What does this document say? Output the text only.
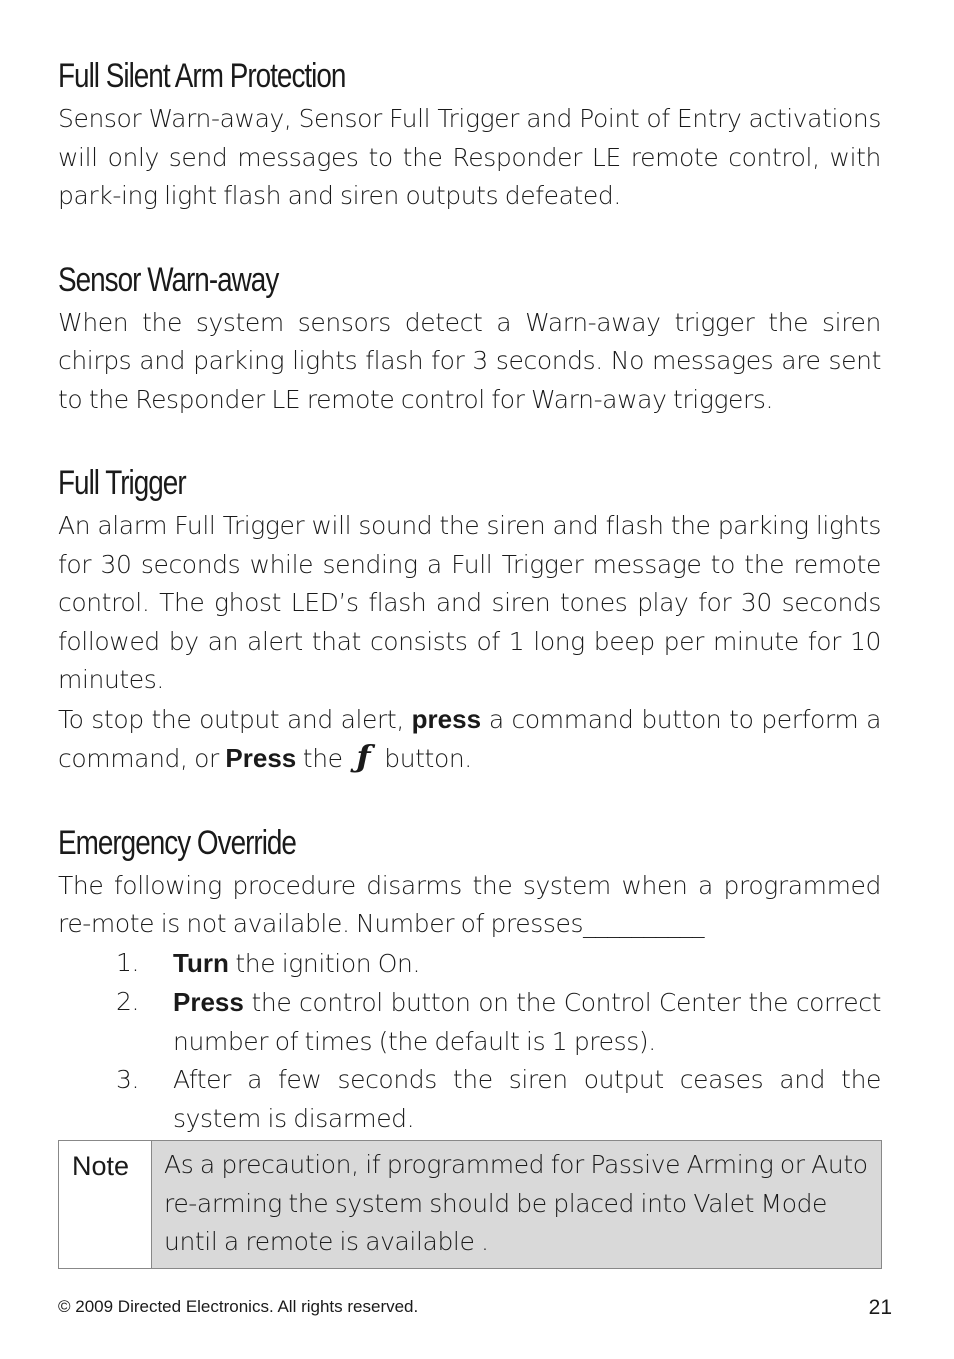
Full Silent Arm Protection

Sensor Warn-away, Sensor Full Trigger and Point of Entry activations will only send messages to the Responder LE remote control, with park-ing light flash and siren outputs defeated.

Sensor Warn-away

When the system sensors detect a Warn-away trigger the siren chirps and parking lights flash for 3 seconds. No messages are sent to the Responder LE remote control for Warn-away triggers.

Full Trigger

An alarm Full Trigger will sound the siren and flash the parking lights for 30 seconds while sending a Full Trigger message to the remote control. The ghost LED’s flash and siren tones play for 30 seconds followed by an alert that consists of 1 long beep per minute for 10 minutes.

To stop the output and alert, press a command button to perform a command, or Press the ƒ button.

Emergency Override

The following procedure disarms the system when a programmed re-mote is not available. Number of presses__________

1.	Turn the ignition On.

2.	Press the control button on the Control Center the correct number of times (the default is 1 press).

3.	After a few seconds the siren output ceases and the system is disarmed.

Note	As a precaution, if programmed for Passive Arming or Auto re-arming the system should be placed into Valet Mode until a remote is available .

© 2009 Directed Electronics. All rights reserved.	21
